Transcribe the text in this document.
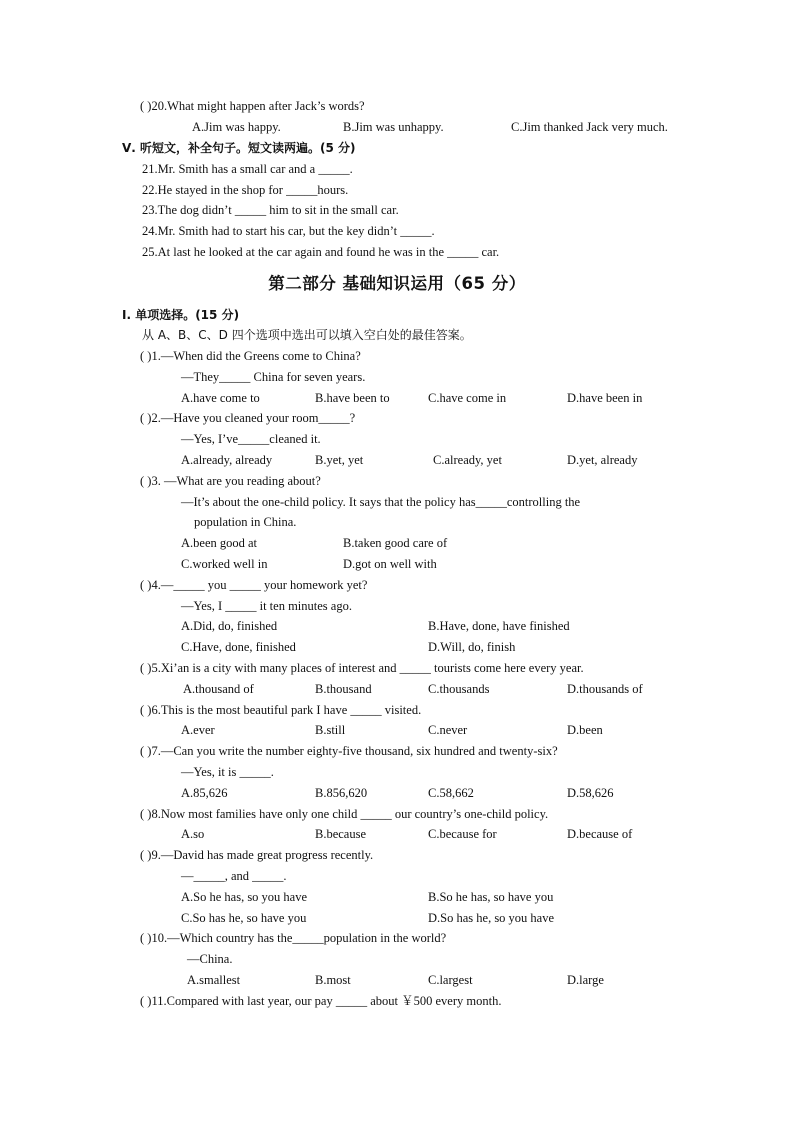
( )20.What might happen after Jack’s words?
A.Jim was happy.	B.Jim was unhappy.	C.Jim thanked Jack very much.
Ⅴ. 听短文，补全句子。短文读两遍。(5 分)
21.Mr. Smith has a small car and a _____.
22.He stayed in the shop for _____hours.
23.The dog didn’t _____ him to sit in the small car.
24.Mr. Smith had to start his car, but the key didn’t _____.
25.At last he looked at the car again and found he was in the _____ car.
第二部分 基础知识运用（65 分）
Ⅰ. 单项选择。(15 分)
从 A、B、C、D 四个选项中选出可以填入空白处的最佳答案。
( )1.—When did the Greens come to China?
—They_____ China for seven years.
A.have come to	B.have been to	C.have come in	D.have been in
( )2.—Have you cleaned your room_____?
—Yes, I’ve_____cleaned it.
A.already, already	B.yet, yet	C.already, yet	D.yet, already
( )3. —What are you reading about?
—It’s about the one-child policy. It says that the policy has_____controlling the
population in China.
A.been good at	B.taken good care of
C.worked well in	D.got on well with
( )4.—_____ you _____ your homework yet?
—Yes, I _____ it ten minutes ago.
A.Did, do, finished	B.Have, done, have finished
C.Have, done, finished	D.Will, do, finish
( )5.Xi’an is a city with many places of interest and _____ tourists come here every year.
A.thousand of	B.thousand	C.thousands	D.thousands of
( )6.This is the most beautiful park I have _____ visited.
A.ever	B.still	C.never	D.been
( )7.—Can you write the number eighty-five thousand, six hundred and twenty-six?
—Yes, it is _____.
A.85,626	B.856,620	C.58,662	D.58,626
( )8.Now most families have only one child _____ our country’s one-child policy.
A.so	B.because	C.because for	D.because of
( )9.—David has made great progress recently.
—_____, and _____.
A.So he has, so you have	B.So he has, so have you
C.So has he, so have you	D.So has he, so you have
( )10.—Which country has the_____population in the world?
—China.
A.smallest	B.most	C.largest	D.large
( )11.Compared with last year, our pay _____ about ￥500 every month.
